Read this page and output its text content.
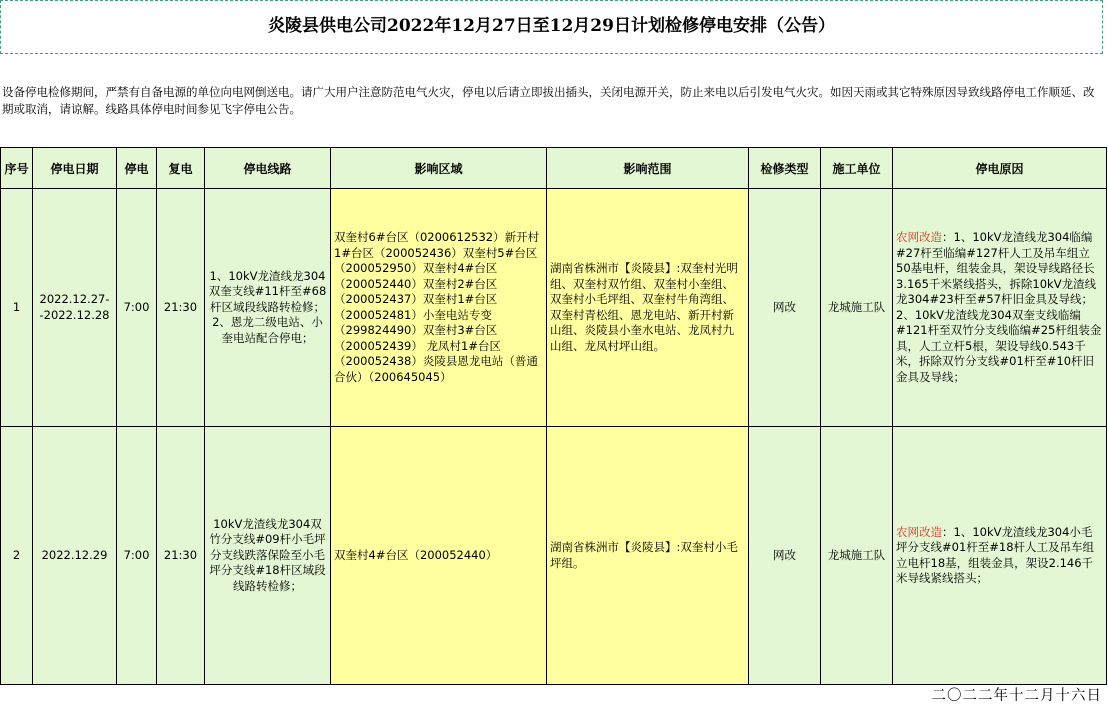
炎陵县供电公司2022年12月27日至12月29日计划检修停电安排（公告）
设备停电检修期间，严禁有自备电源的单位向电网倒送电。请广大用户注意防范电气火灾，停电以后请立即拔出插头，关闭电源开关，防止来电以后引发电气火灾。如因天雨或其它特殊原因导致线路停电工作顺延、改期或取消，请谅解。线路具体停电时间参见飞字停电公告。
序号	停电日期	停电	复电	停电线路	影响区域	影响范围	检修类型	施工单位	停电原因
1	2022.12.27--2022.12.28	7:00	21:30	1、10kV龙渣线龙304双奎支线#11杆至#68杆区域段线路转检修；2、恩龙二级电站、小奎电站配合停电；	双奎村6#台区（0200612532）新开村1#台区（200052436）双奎村5#台区（200052950）双奎村4#台区（200052440）双奎村2#台区（200052437）双奎村1#台区（200052481）小奎电站专变（299824490）双奎村3#台区（200052439） 龙凤村1#台区（200052438）炎陵县恩龙电站（普通合伙）（200645045）	湖南省株洲市【炎陵县】:双奎村光明组、双奎村双竹组、双奎村小奎组、双奎村小毛坪组、双奎村牛角湾组、双奎村青松组、恩龙电站、新开村新山组、炎陵县小奎水电站、龙凤村九山组、龙凤村坪山组。	网改	龙城施工队	农网改造：1、10kV龙渣线龙304临编#27杆至临编#127杆人工及吊车组立50基电杆，组装金具，架设导线路径长3.165千米紧线搭头，拆除10kV龙渣线龙304#23杆至#57杆旧金具及导线；2、10kV龙渣线龙304双奎支线临编#121杆至双竹分支线临编#25杆组装金具，人工立杆5根，架设导线0.543千米，拆除双竹分支线#01杆至#10杆旧金具及导线；
2	2022.12.29	7:00	21:30	10kV龙渣线龙304双竹分支线#09杆小毛坪分支线跌落保险至小毛坪分支线#18杆区域段线路转检修；	双奎村4#台区（200052440）	湖南省株洲市【炎陵县】:双奎村小毛坪组。	网改	龙城施工队	农网改造：1、10kV龙渣线龙304小毛坪分支线#01杆至#18杆人工及吊车组立电杆18基，组装金具，架设2.146千米导线紧线搭头；
二〇二二年十二月十六日
